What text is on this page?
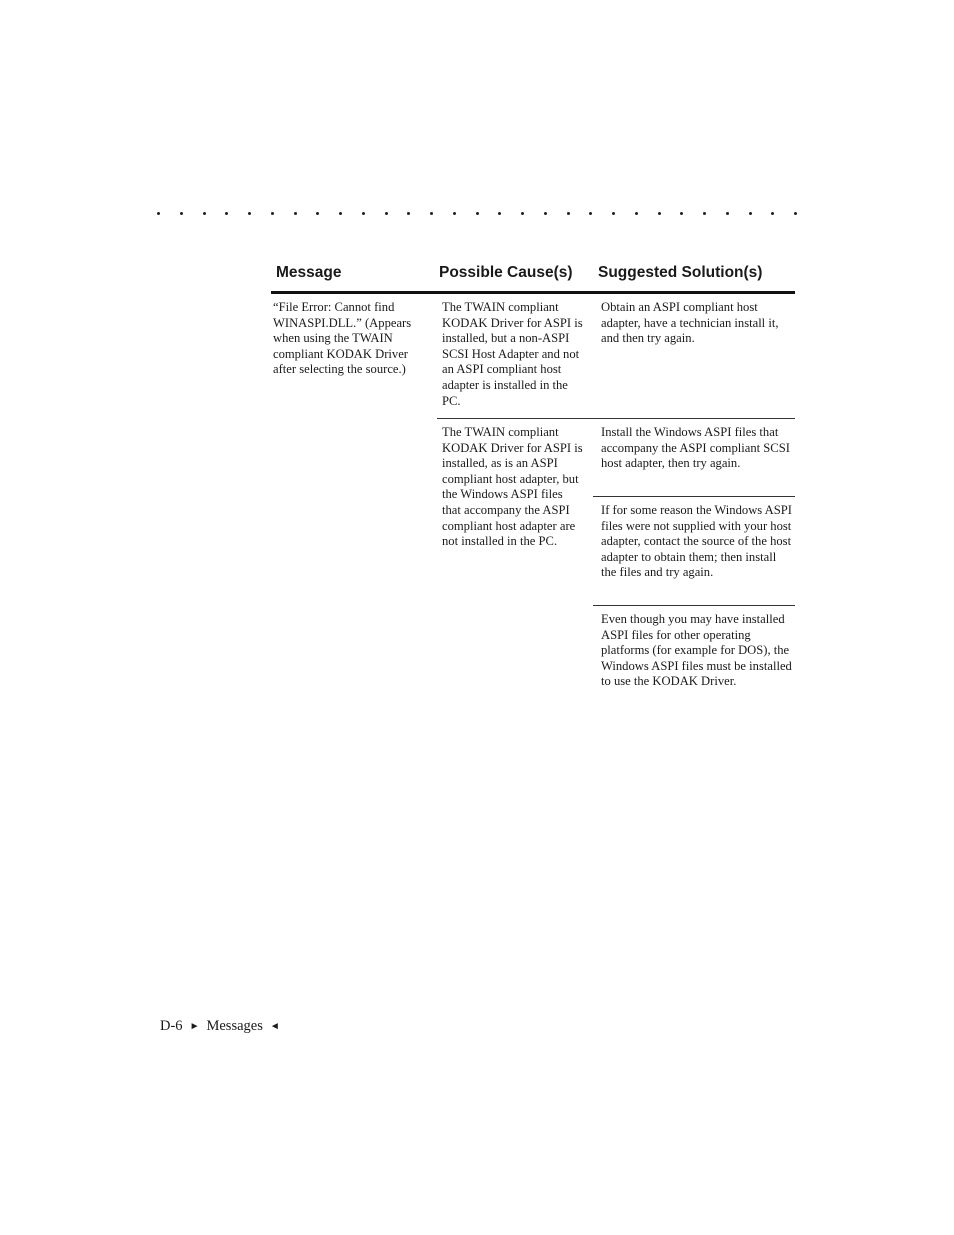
Message	Possible Cause(s) Suggested Solution(s)
“File Error: Cannot find WINASPI.DLL.” (Appears when using the TWAIN compliant KODAK Driver after selecting the source.)
The TWAIN compliant KODAK Driver for ASPI is installed, but a non-ASPI SCSI Host Adapter and not an ASPI compliant host adapter is installed in the PC.
The TWAIN compliant KODAK Driver for ASPI is installed, as is an ASPI compliant host adapter, but the Windows ASPI files that accompany the ASPI compliant host adapter are not installed in the PC.
Obtain an ASPI compliant host adapter, have a technician install it, and then try again.
Install the Windows ASPI files that accompany the ASPI compliant SCSI host adapter, then try again.
If for some reason the Windows ASPI files were not supplied with your host adapter, contact the source of the host adapter to obtain them; then install the files and try again.
Even though you may have installed ASPI files for other operating platforms (for example for DOS), the Windows ASPI files must be installed to use the KODAK Driver.
D-6 ► Messages ◄
